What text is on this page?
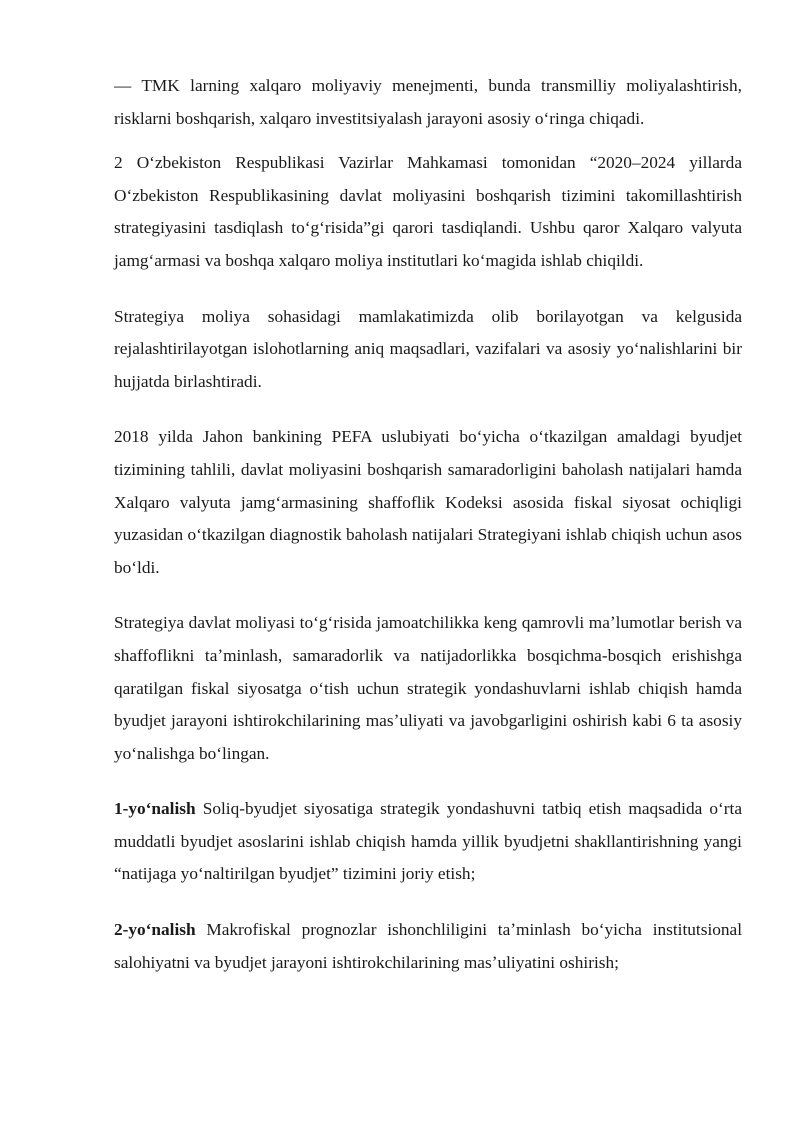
— TMK larning xalqaro moliyaviy menejmenti, bunda transmilliy moliyalashtirish, risklarni boshqarish, xalqaro investitsiyalash jarayoni asosiy oʻringa chiqadi.

2 Oʻzbekiston Respublikasi Vazirlar Mahkamasi tomonidan “2020–2024 yillarda Oʻzbekiston Respublikasining davlat moliyasini boshqarish tizimini takomillashtirish strategiyasini tasdiqlash toʻgʻrisida”gi qarori tasdiqlandi. Ushbu qaror Xalqaro valyuta jamgʻarmasi va boshqa xalqaro moliya institutlari koʻmagida ishlab chiqildi.

Strategiya moliya sohasidagi mamlakatimizda olib borilayotgan va kelgusida rejalashtirilayotgan islohotlarning aniq maqsadlari, vazifalari va asosiy yoʻnalishlarini bir hujjatda birlashtiradi.

2018 yilda Jahon bankining PEFA uslubiyati boʻyicha oʻtkazilgan amaldagi byudjet tizimining tahlili, davlat moliyasini boshqarish samaradorligini baholash natijalari hamda Xalqaro valyuta jamgʻarmasining shaffoflik Kodeksi asosida fiskal siyosat ochiqligi yuzasidan oʻtkazilgan diagnostik baholash natijalari Strategiyani ishlab chiqish uchun asos boʻldi.

Strategiya davlat moliyasi toʻgʻrisida jamoatchilikka keng qamrovli maʼlumotlar berish va shaffoflikni taʼminlash, samaradorlik va natijadorlikka bosqichma-bosqich erishishga qaratilgan fiskal siyosatga oʻtish uchun strategik yondashuvlarni ishlab chiqish hamda byudjet jarayoni ishtirokchilarining masʼuliyati va javobgarligini oshirish kabi 6 ta asosiy yoʻnalishga boʻlingan.

1-yoʻnalish Soliq-byudjet siyosatiga strategik yondashuvni tatbiq etish maqsadida oʻrta muddatli byudjet asoslarini ishlab chiqish hamda yillik byudjetni shakllantirishning yangi “natijaga yoʻnaltirilgan byudjet” tizimini joriy etish;

2-yoʻnalish Makrofiskal prognozlar ishonchliligini taʼminlash boʻyicha institutsional salohiyatni va byudjet jarayoni ishtirokchilarining masʼuliyatini oshirish;
